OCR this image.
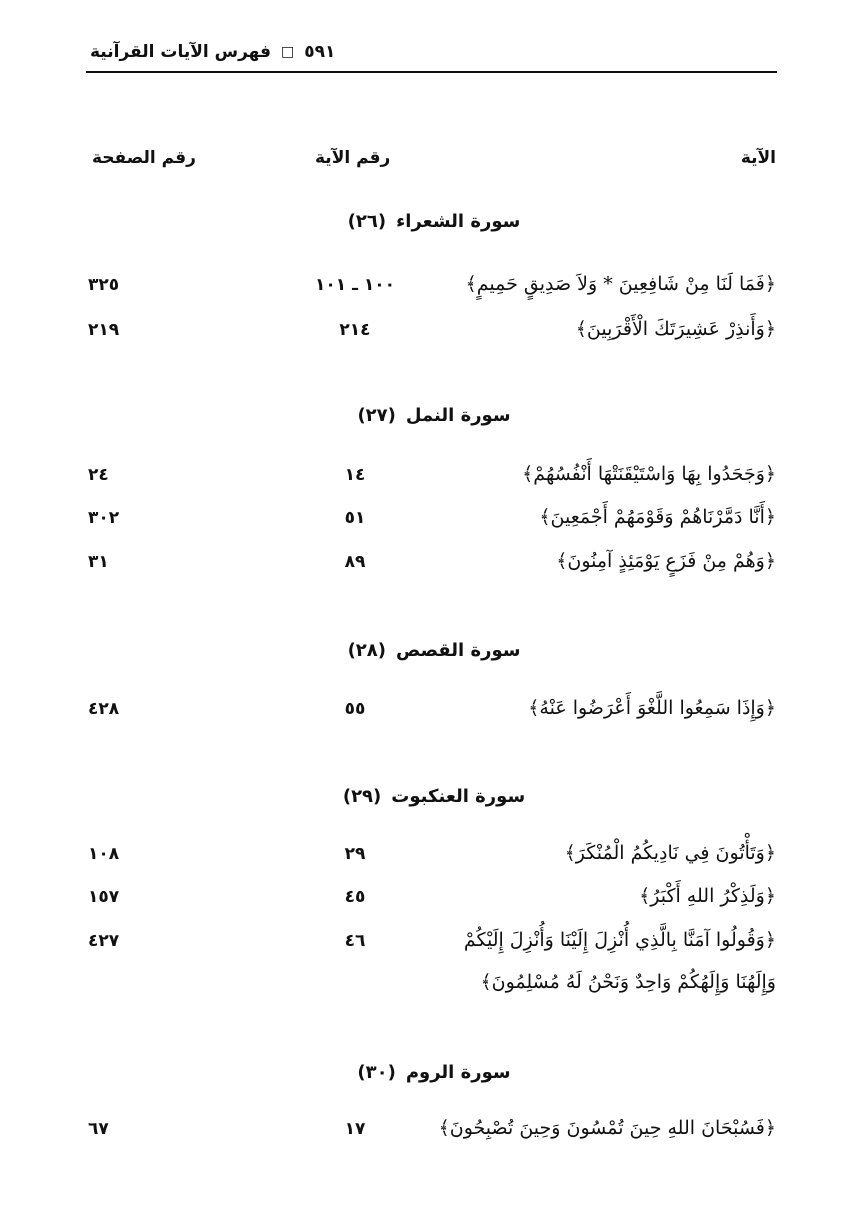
٥٩١
□
فهرس الآيات القرآنية
الآية
رقم الآية
رقم الصفحة
سورة الشعراء(٢٦)
﴿فَمَا لَنَا مِنْ شَافِعِينَ * وَلاَ صَدِيقٍ حَمِيمٍ﴾
١٠٠ ـ ١٠١
٣٢٥
﴿وَأَنذِرْ عَشِيرَتَكَ الْأَقْرَبِينَ﴾
٢١٤
٢١٩
سورة النمل(٢٧)
﴿وَجَحَدُوا بِهَا وَاسْتَيْقَنَتْهَا أَنْفُسُهُمْ﴾
١٤
٢٤
﴿أَنَّا دَمَّرْنَاهُمْ وَقَوْمَهُمْ أَجْمَعِينَ﴾
٥١
٣٠٢
﴿وَهُمْ مِنْ فَزَعٍ يَوْمَئِذٍ آمِنُونَ﴾
٨٩
٣١
سورة القصص(٢٨)
﴿وَإِذَا سَمِعُوا اللَّغْوَ أَعْرَضُوا عَنْهُ﴾
٥٥
٤٢٨
سورة العنكبوت(٢٩)
﴿وَتَأْتُونَ فِي نَادِيكُمُ الْمُنْكَرَ﴾
٢٩
١٠٨
﴿وَلَذِكْرُ اللهِ أَكْبَرُ﴾
٤٥
١٥٧
﴿وَقُولُوا آمَنَّا بِالَّذِي أُنْزِلَ إِلَيْنَا وَأُنْزِلَ إِلَيْكُمْ
٤٦
٤٢٧
وَإِلَهُنَا وَإِلَهُكُمْ وَاحِدٌ وَنَحْنُ لَهُ مُسْلِمُونَ﴾
سورة الروم(٣٠)
﴿فَسُبْحَانَ اللهِ حِينَ تُمْسُونَ وَحِينَ تُصْبِحُونَ﴾
١٧
٦٧
